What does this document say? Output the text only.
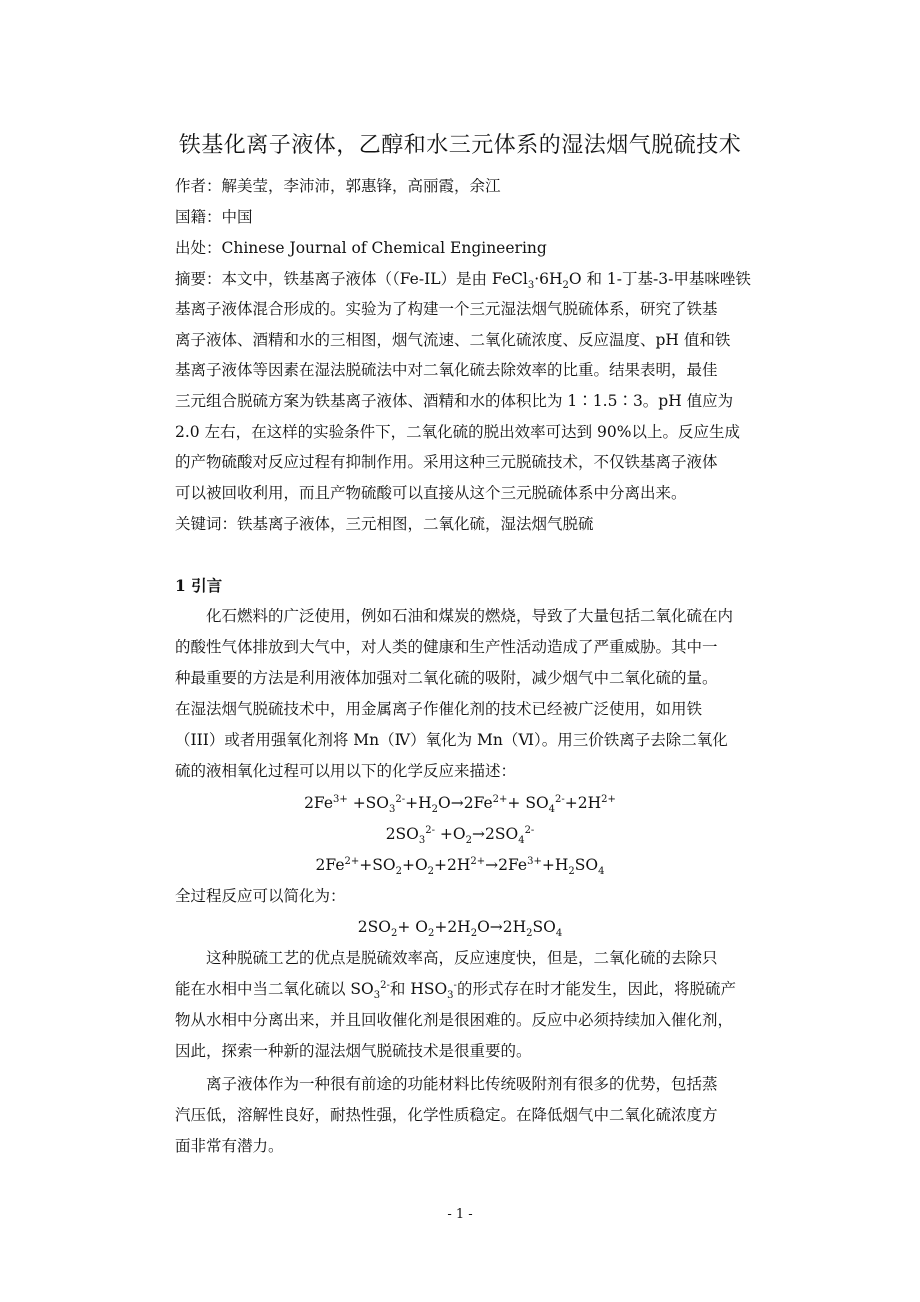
铁基化离子液体，乙醇和水三元体系的湿法烟气脱硫技术
作者：解美莹，李沛沛，郭惠锋，高丽霞，余江
国籍：中国
出处：Chinese Journal of Chemical Engineering
摘要：本文中，铁基离子液体（（Fe-IL）是由 $FeCl_3\cdot 6H_2O$ 和 1-丁基-3-甲基咪唑铁
基离子液体混合形成的。实验为了构建一个三元湿法烟气脱硫体系，研究了铁基
离子液体、酒精和水的三相图，烟气流速、二氧化硫浓度、反应温度、pH 值和铁
基离子液体等因素在湿法脱硫法中对二氧化硫去除效率的比重。结果表明，最佳
三元组合脱硫方案为铁基离子液体、酒精和水的体积比为 1∶1.5∶3。pH 值应为
2.0 左右，在这样的实验条件下，二氧化硫的脱出效率可达到 90%以上。反应生成
的产物硫酸对反应过程有抑制作用。采用这种三元脱硫技术，不仅铁基离子液体
可以被回收利用，而且产物硫酸可以直接从这个三元脱硫体系中分离出来。
关键词：铁基离子液体，三元相图，二氧化硫，湿法烟气脱硫
1 引言
化石燃料的广泛使用，例如石油和煤炭的燃烧，导致了大量包括二氧化硫在内
的酸性气体排放到大气中，对人类的健康和生产性活动造成了严重威胁。其中一
种最重要的方法是利用液体加强对二氧化硫的吸附，减少烟气中二氧化硫的量。
在湿法烟气脱硫技术中，用金属离子作催化剂的技术已经被广泛使用，如用铁
（III）或者用强氧化剂将 Mn（Ⅳ）氧化为 Mn（Ⅵ）。用三价铁离子去除二氧化
硫的液相氧化过程可以用以下的化学反应来描述：
$2Fe^{3+} +SO_3^{2-}+H_2O\to 2Fe^{2+}+ SO_4^{2-}+2H^{2+}$
$2SO_3^{2-} +O_2\to 2SO_4^{2-}$
$2Fe^{2+}+SO_2+O_2+2H^{2+}\to 2Fe^{3+}+H_2SO_4$
全过程反应可以简化为：
$2SO_2+ O_2+2H_2O\to 2H_2SO_4$
这种脱硫工艺的优点是脱硫效率高，反应速度快，但是，二氧化硫的去除只
能在水相中当二氧化硫以 $SO_3^{2-}$和 $HSO_3^-$的形式存在时才能发生，因此，将脱硫产
物从水相中分离出来，并且回收催化剂是很困难的。反应中必须持续加入催化剂，
因此，探索一种新的湿法烟气脱硫技术是很重要的。
离子液体作为一种很有前途的功能材料比传统吸附剂有很多的优势，包括蒸
汽压低，溶解性良好，耐热性强，化学性质稳定。在降低烟气中二氧化硫浓度方
面非常有潜力。
- 1 -
